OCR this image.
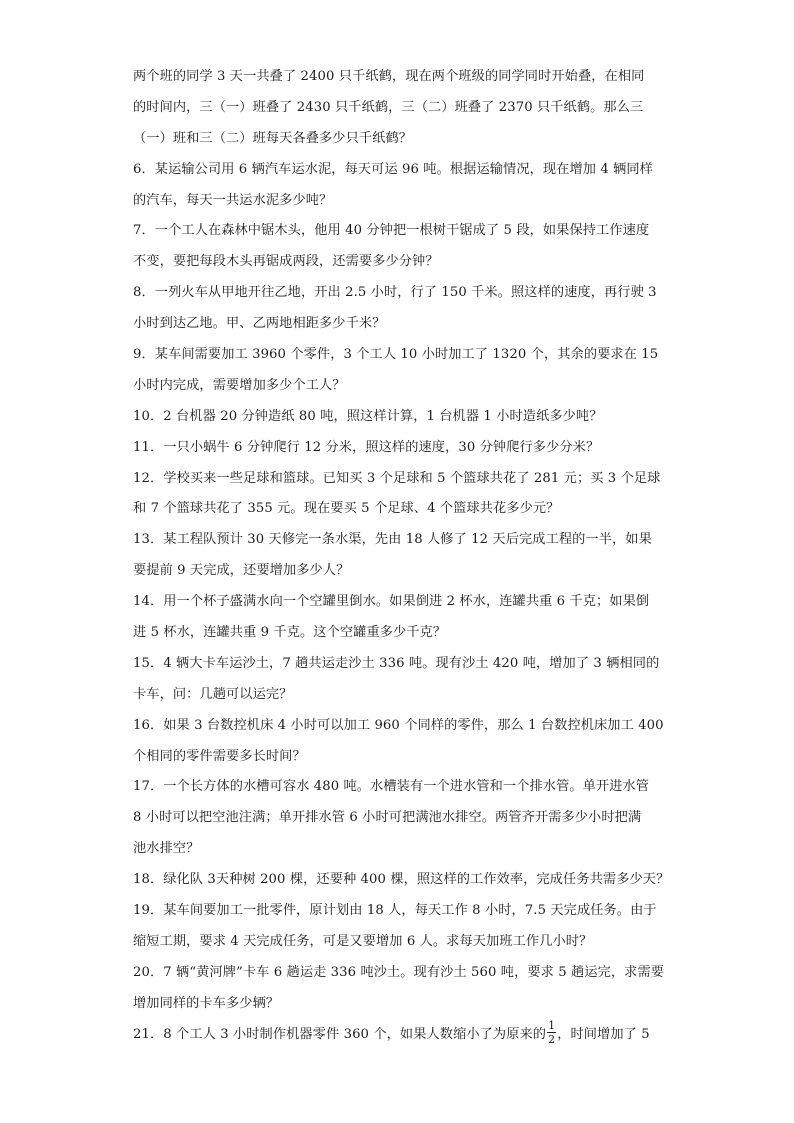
两个班的同学 3 天一共叠了 2400 只千纸鹤，现在两个班级的同学同时开始叠，在相同
的时间内，三（一）班叠了 2430 只千纸鹤，三（二）班叠了 2370 只千纸鹤。那么三
（一）班和三（二）班每天各叠多少只千纸鹤？
6．某运输公司用 6 辆汽车运水泥，每天可运 96 吨。根据运输情况，现在增加 4 辆同样
的汽车，每天一共运水泥多少吨？
7．一个工人在森林中锯木头，他用 40 分钟把一根树干锯成了 5 段，如果保持工作速度
不变，要把每段木头再锯成两段，还需要多少分钟？
8．一列火车从甲地开往乙地，开出 2.5 小时，行了 150 千米。照这样的速度，再行驶 3
小时到达乙地。甲、乙两地相距多少千米？
9．某车间需要加工 3960 个零件，3 个工人 10 小时加工了 1320 个，其余的要求在 15
小时内完成，需要增加多少个工人？
10．2 台机器 20 分钟造纸 80 吨，照这样计算，1 台机器 1 小时造纸多少吨？
11．一只小蜗牛 6 分钟爬行 12 分米，照这样的速度，30 分钟爬行多少分米？
12．学校买来一些足球和篮球。已知买 3 个足球和 5 个篮球共花了 281 元；买 3 个足球
和 7 个篮球共花了 355 元。现在要买 5 个足球、4 个篮球共花多少元？
13．某工程队预计 30 天修完一条水渠，先由 18 人修了 12 天后完成工程的一半，如果
要提前 9 天完成，还要增加多少人？
14．用一个杯子盛满水向一个空罐里倒水。如果倒进 2 杯水，连罐共重 6 千克；如果倒
进 5 杯水，连罐共重 9 千克。这个空罐重多少千克？
15．4 辆大卡车运沙土，7 趟共运走沙土 336 吨。现有沙土 420 吨，增加了 3 辆相同的
卡车，问：几趟可以运完？
16．如果 3 台数控机床 4 小时可以加工 960 个同样的零件，那么 1 台数控机床加工 400
个相同的零件需要多长时间？
17．一个长方体的水槽可容水 480 吨。水槽装有一个进水管和一个排水管。单开进水管
8 小时可以把空池注满；单开排水管 6 小时可把满池水排空。两管齐开需多少小时把满
池水排空？
18．绿化队 3天种树 200 棵，还要种 400 棵，照这样的工作效率，完成任务共需多少天？
19．某车间要加工一批零件，原计划由 18 人，每天工作 8 小时，7.5 天完成任务。由于
缩短工期，要求 4 天完成任务，可是又要增加 6 人。求每天加班工作几小时？
20．7 辆“黄河牌”卡车 6 趟运走 336 吨沙土。现有沙土 560 吨，要求 5 趟运完，求需要
增加同样的卡车多少辆？
21．8 个工人 3 小时制作机器零件 360 个，如果人数缩小了为原来的 $\frac{1}{2}$ ，时间增加了 5
